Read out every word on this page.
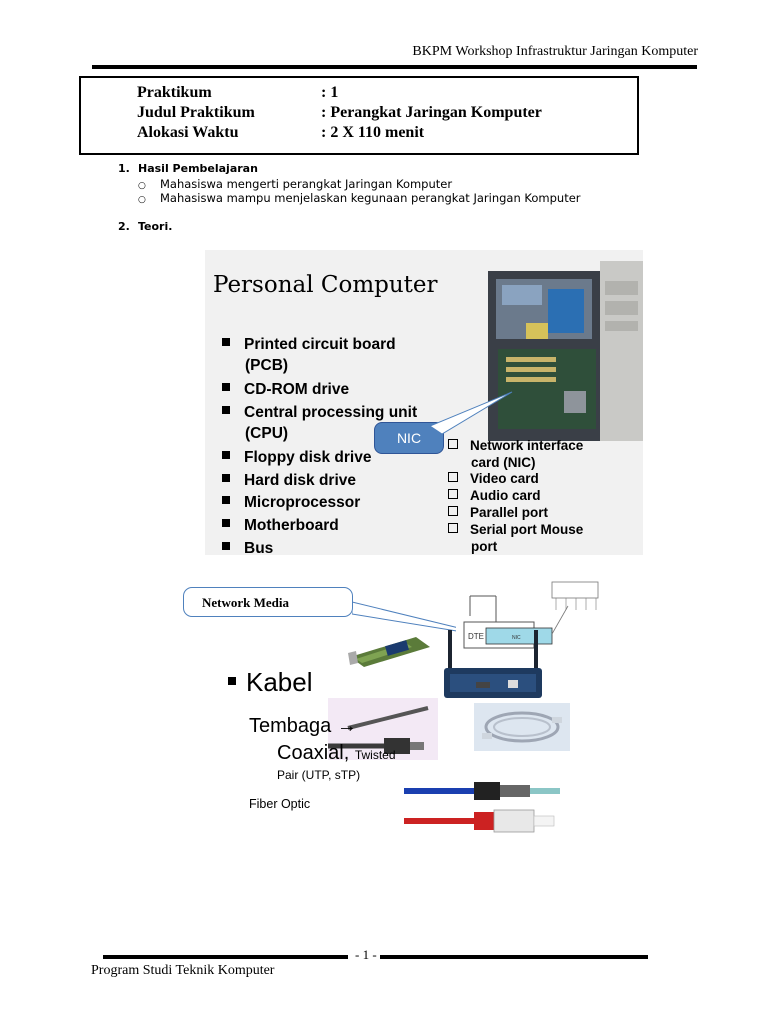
BKPM Workshop Infrastruktur Jaringan Komputer
Praktikum	: 1
Judul Praktikum	: Perangkat Jaringan Komputer
Alokasi Waktu	: 2 X 110 menit
1. Hasil Pembelajaran
○ Mahasiswa mengerti perangkat Jaringan Komputer
○ Mahasiswa mampu menjelaskan kegunaan perangkat Jaringan Komputer
2. Teori.
Personal Computer
Printed circuit board
(PCB)
CD-ROM drive
Central processing unit
(CPU)
Floppy disk drive
Hard disk drive
Microprocessor
Motherboard
Bus
NIC	Network interface
card (NIC)
Video card
Audio card
Parallel port
Serial port Mouse
port
Network Media
DTE	NIC
Kabel
Tembaga →
Coaxial, Twisted
Pair (UTP, sTP)
Fiber Optic
- 1 -
Program Studi Teknik Komputer
